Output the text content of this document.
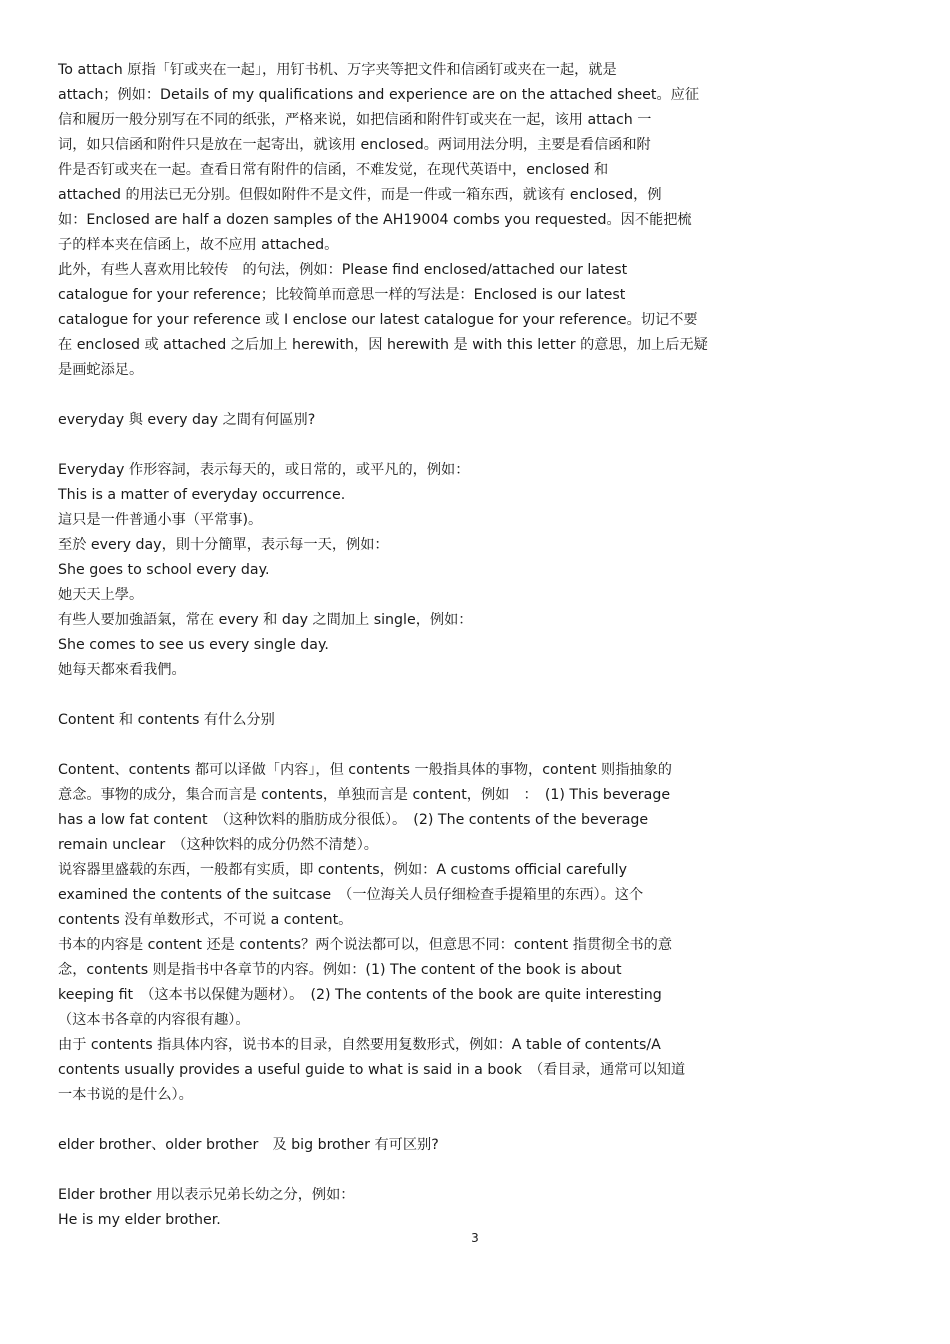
To attach 原指「钉或夹在一起」，用钉书机、万字夹等把文件和信函钉或夹在一起，就是
attach；例如：Details of my qualifications and experience are on the attached sheet。应征
信和履历一般分别写在不同的纸张，严格来说，如把信函和附件钉或夹在一起，该用 attach 一
词，如只信函和附件只是放在一起寄出，就该用 enclosed。两词用法分明，主要是看信函和附
件是否钉或夹在一起。查看日常有附件的信函，不难发觉，在现代英语中，enclosed 和
attached 的用法已无分别。但假如附件不是文件，而是一件或一箱东西，就该有 enclosed，例
如：Enclosed are half a dozen samples of the AH19004 combs you requested。因不能把梳
子的样本夹在信函上，故不应用 attached。
此外，有些人喜欢用比较传　的句法，例如：Please find enclosed/attached our latest
catalogue for your reference；比较简单而意思一样的写法是：Enclosed is our latest
catalogue for your reference 或 I enclose our latest catalogue for your reference。切记不要
在 enclosed 或 attached 之后加上 herewith，因 herewith 是 with this letter 的意思，加上后无疑
是画蛇添足。
everyday 與 every day 之間有何區別?
Everyday 作形容詞，表示每天的，或日常的，或平凡的，例如：
This is a matter of everyday occurrence.
這只是一件普通小事（平常事)。
至於 every day，則十分簡單，表示每一天，例如：
She goes to school every day.
她天天上學。
有些人要加強語氣，常在 every 和 day 之間加上 single，例如：
She comes to see us every single day.
她每天都來看我們。
Content 和 contents 有什么分别
Content、contents 都可以译做「内容」，但 contents 一般指具体的事物，content 则指抽象的
意念。事物的成分，集合而言是 contents，单独而言是 content，例如　：　(1) This beverage
has a low fat content　（这种饮料的脂肪成分很低）。　(2) The contents of the beverage
remain unclear　（这种饮料的成分仍然不清楚）。
说容器里盛载的东西，一般都有实质，即 contents，例如：A customs official carefully
examined the contents of the suitcase　（一位海关人员仔细检查手提箱里的东西）。这个
contents 没有单数形式，不可说 a content。
书本的内容是 content 还是 contents？两个说法都可以，但意思不同：content 指贯彻全书的意
念，contents 则是指书中各章节的内容。例如：(1) The content of the book is about
keeping fit　（这本书以保健为题材）。　(2) The contents of the book are quite interesting
（这本书各章的内容很有趣）。
由于 contents 指具体内容，说书本的目录，自然要用复数形式，例如：A table of contents/A
contents usually provides a useful guide to what is said in a book　（看目录，通常可以知道
一本书说的是什么）。
elder brother、older brother　及 big brother 有可区别?
Elder brother 用以表示兄弟长幼之分，例如：
He is my elder brother.
3
